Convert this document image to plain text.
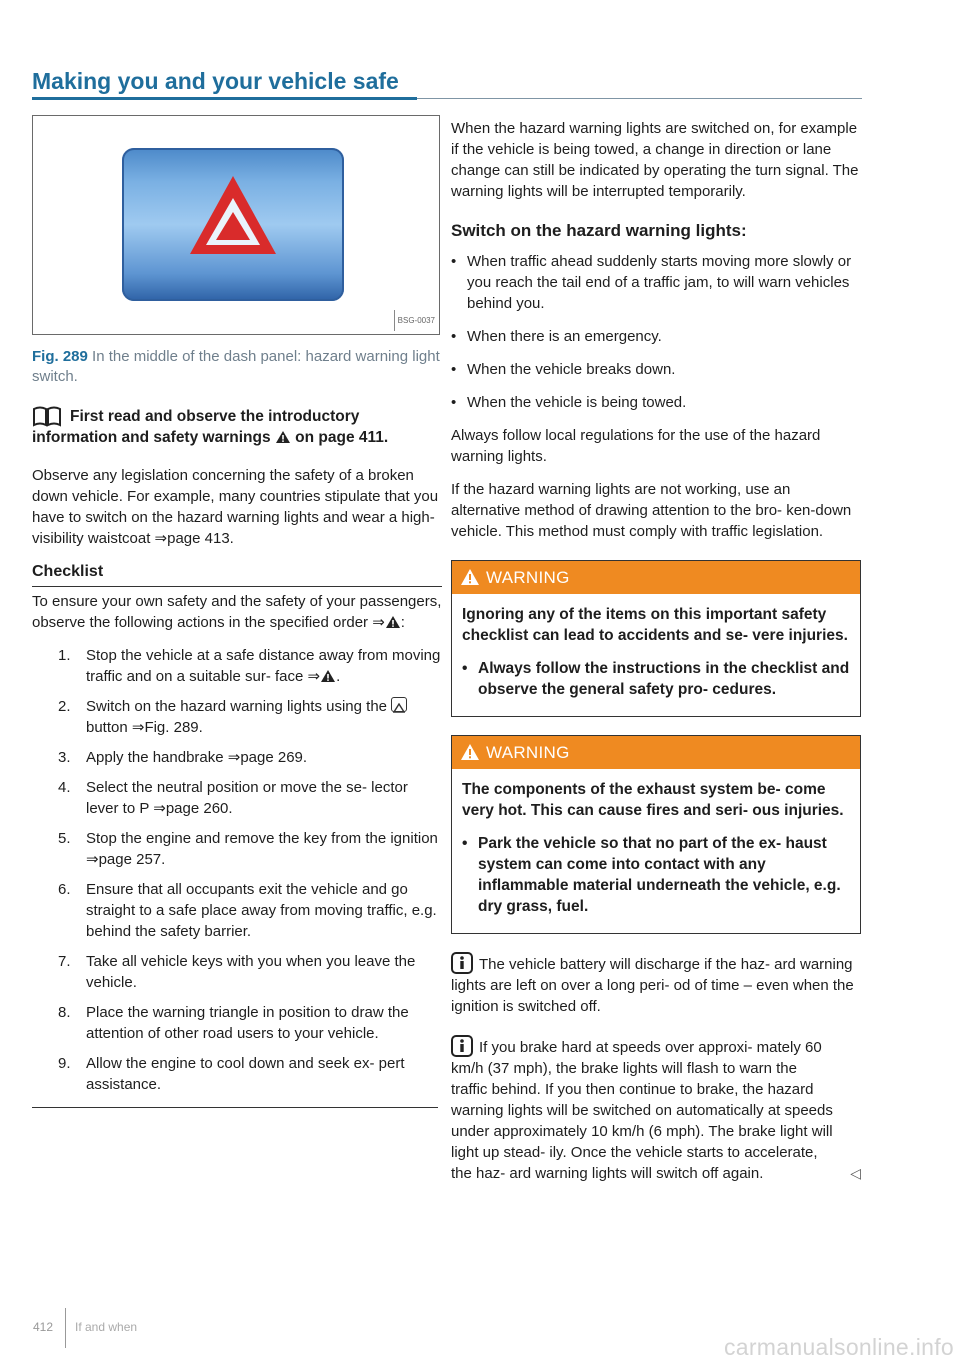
Making you and your vehicle safe
BSG-0037
Fig. 289 In the middle of the dash panel: hazard warning light switch.
First read and observe the introductory information and safety warnings  on page 411.

Observe any legislation concerning the safety of a broken down vehicle. For example, many countries stipulate that you have to switch on the hazard warning lights and wear a high-visibility waistcoat ⇒page 413.

Checklist

To ensure your own safety and the safety of your passengers, observe the following actions in the specified order ⇒ :

1. Stop the vehicle at a safe distance away from moving traffic and on a suitable sur- face ⇒ .
2. Switch on the hazard warning lights using the  button ⇒Fig. 289.
3. Apply the handbrake ⇒page 269.
4. Select the neutral position or move the se- lector lever to P ⇒page 260.
5. Stop the engine and remove the key from the ignition ⇒page 257.
6. Ensure that all occupants exit the vehicle and go straight to a safe place away from moving traffic, e.g. behind the safety barrier.
7. Take all vehicle keys with you when you leave the vehicle.
8. Place the warning triangle in position to draw the attention of other road users to your vehicle.
9. Allow the engine to cool down and seek ex- pert assistance.

When the hazard warning lights are switched on, for example if the vehicle is being towed, a change in direction or lane change can still be indicated by operating the turn signal. The warning lights will be interrupted temporarily.

Switch on the hazard warning lights:
• When traffic ahead suddenly starts moving more slowly or you reach the tail end of a traffic jam, to will warn vehicles behind you.
• When there is an emergency.
• When the vehicle breaks down.
• When the vehicle is being towed.

Always follow local regulations for the use of the hazard warning lights.

If the hazard warning lights are not working, use an alternative method of drawing attention to the bro- ken-down vehicle. This method must comply with traffic legislation.

WARNING

Ignoring any of the items on this important safety checklist can lead to accidents and se- vere injuries.

• Always follow the instructions in the checklist and observe the general safety pro- cedures.

WARNING

The components of the exhaust system be- come very hot. This can cause fires and seri- ous injuries.

• Park the vehicle so that no part of the ex- haust system can come into contact with any inflammable material underneath the vehicle, e.g. dry grass, fuel.

The vehicle battery will discharge if the haz- ard warning lights are left on over a long peri- od of time – even when the ignition is switched off.

If you brake hard at speeds over approxi- mately 60 km/h (37 mph), the brake lights will flash to warn the traffic behind. If you then continue to brake, the hazard warning lights will be switched on automatically at speeds under approximately 10 km/h (6 mph). The brake light will light up stead- ily. Once the vehicle starts to accelerate, the haz- ard warning lights will switch off again.	◁

412 If and when
carmanualsonline.info
